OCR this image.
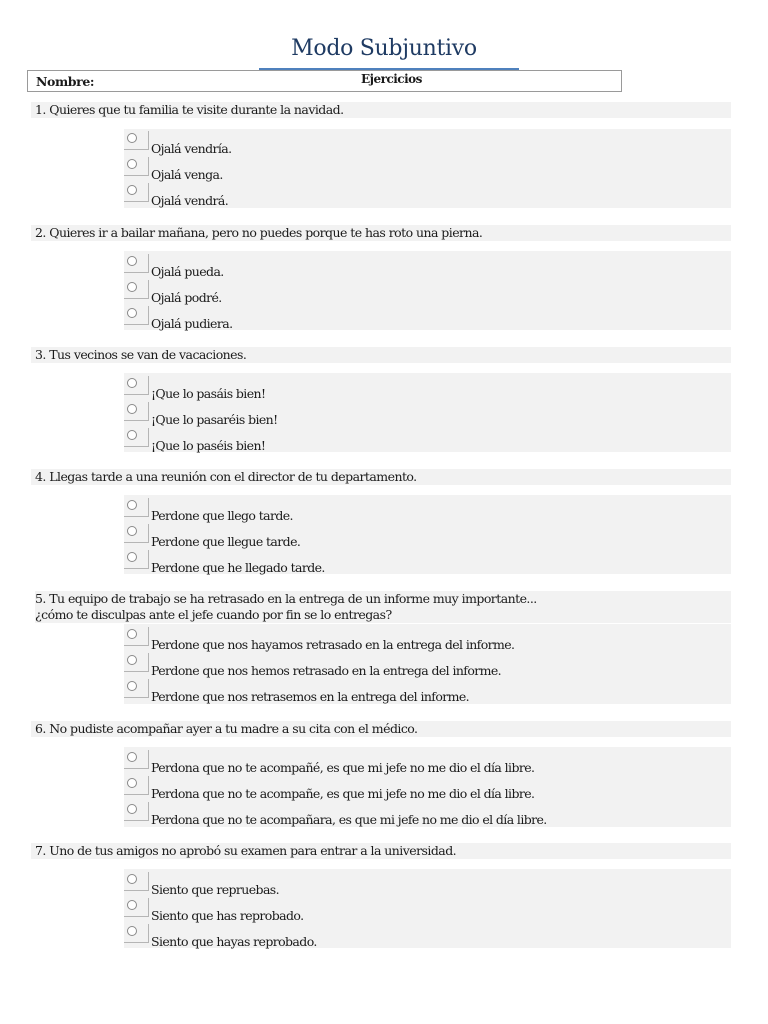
Modo Subjuntivo
Nombre:	Ejercicios
1. Quieres que tu familia te visite durante la navidad.
Ojalá vendría.
Ojalá venga.
Ojalá vendrá.
2. Quieres ir a bailar mañana, pero no puedes porque te has roto una pierna.
Ojalá pueda.
Ojalá podré.
Ojalá pudiera.
3. Tus vecinos se van de vacaciones.
¡Que lo pasáis bien!
¡Que lo pasaréis bien!
¡Que lo paséis bien!
4. Llegas tarde a una reunión con el director de tu departamento.
Perdone que llego tarde.
Perdone que llegue tarde.
Perdone que he llegado tarde.
5. Tu equipo de trabajo se ha retrasado en la entrega de un informe muy importante...
¿cómo te disculpas ante el jefe cuando por fin se lo entregas?
Perdone que nos hayamos retrasado en la entrega del informe.
Perdone que nos hemos retrasado en la entrega del informe.
Perdone que nos retrasemos en la entrega del informe.
6. No pudiste acompañar ayer a tu madre a su cita con el médico.
Perdona que no te acompañé, es que mi jefe no me dio el día libre.
Perdona que no te acompañe, es que mi jefe no me dio el día libre.
Perdona que no te acompañara, es que mi jefe no me dio el día libre.
7. Uno de tus amigos no aprobó su examen para entrar a la universidad.
Siento que repruebas.
Siento que has reprobado.
Siento que hayas reprobado.
